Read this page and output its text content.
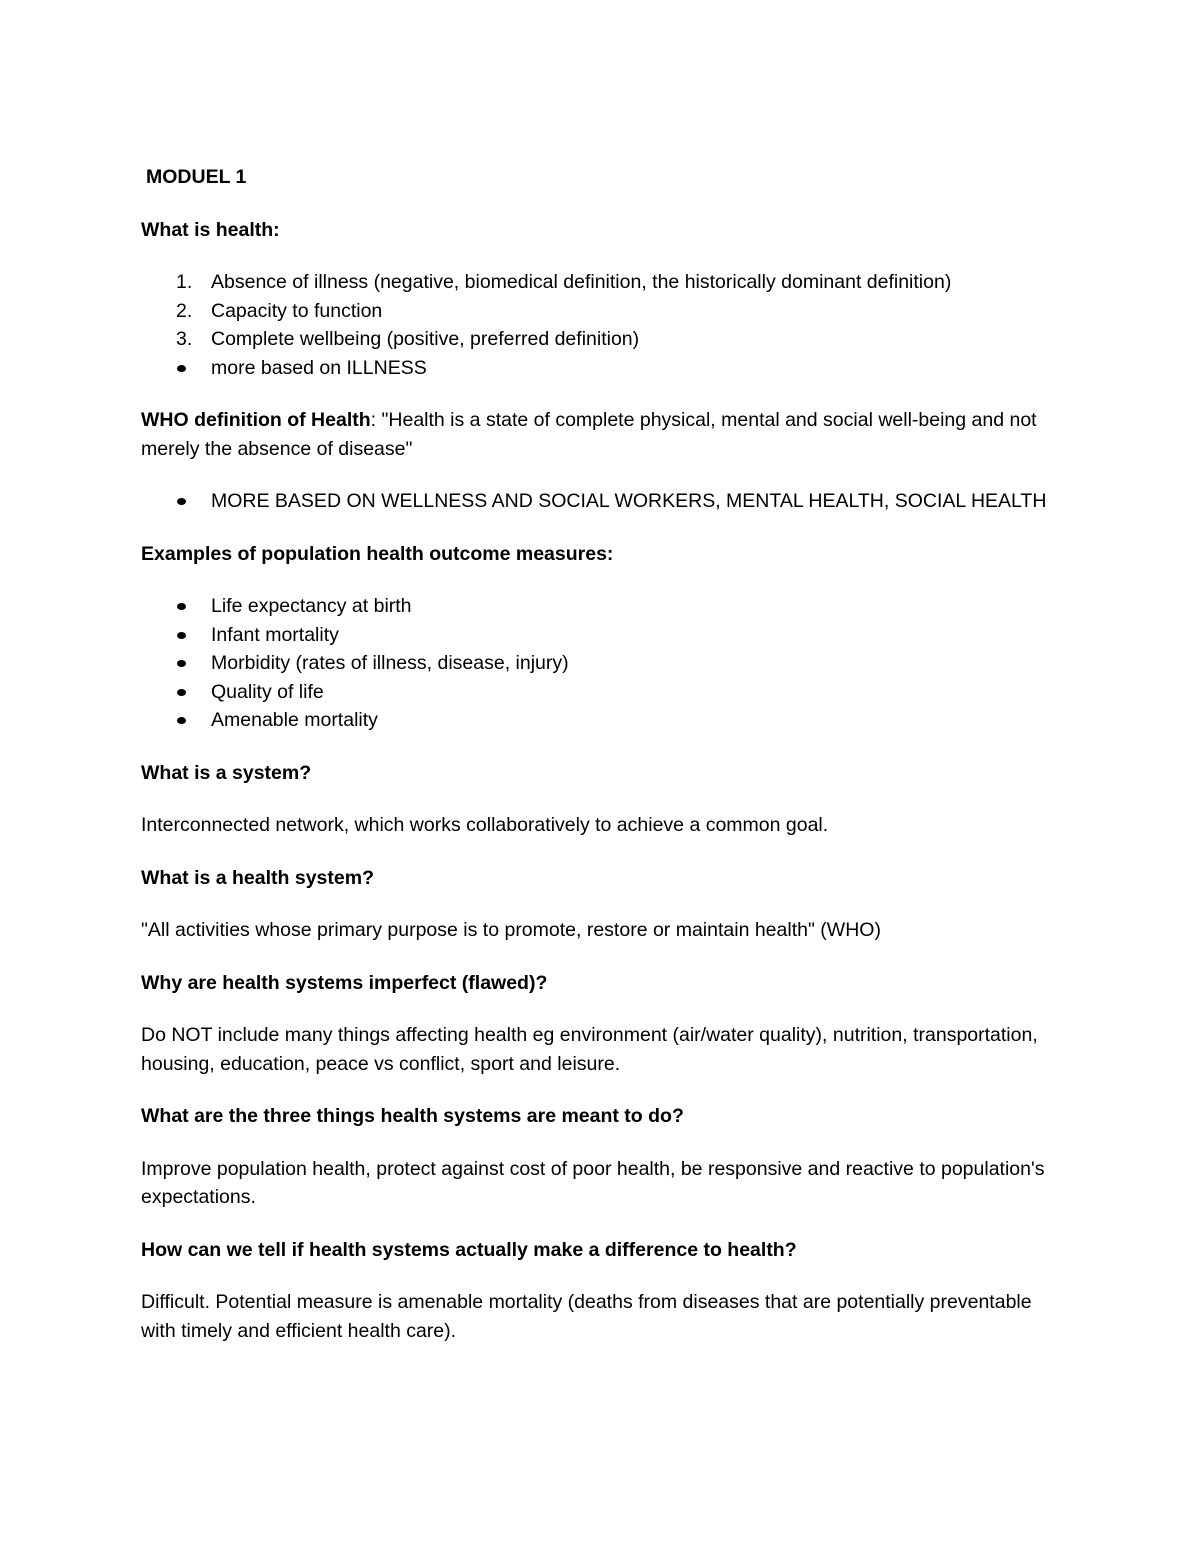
MODUEL 1
What is health:
1. Absence of illness (negative, biomedical definition, the historically dominant definition)
2. Capacity to function
3. Complete wellbeing (positive, preferred definition)
more based on ILLNESS
WHO definition of Health: "Health is a state of complete physical, mental and social well-being and not merely the absence of disease"
MORE BASED ON WELLNESS AND SOCIAL WORKERS, MENTAL HEALTH, SOCIAL HEALTH
Examples of population health outcome measures:
Life expectancy at birth
Infant mortality
Morbidity (rates of illness, disease, injury)
Quality of life
Amenable mortality
What is a system?
Interconnected network, which works collaboratively to achieve a common goal.
What is a health system?
"All activities whose primary purpose is to promote, restore or maintain health" (WHO)
Why are health systems imperfect (flawed)?
Do NOT include many things affecting health eg environment (air/water quality), nutrition, transportation, housing, education, peace vs conflict, sport and leisure.
What are the three things health systems are meant to do?
Improve population health, protect against cost of poor health, be responsive and reactive to population's expectations.
How can we tell if health systems actually make a difference to health?
Difficult. Potential measure is amenable mortality (deaths from diseases that are potentially preventable with timely and efficient health care).
